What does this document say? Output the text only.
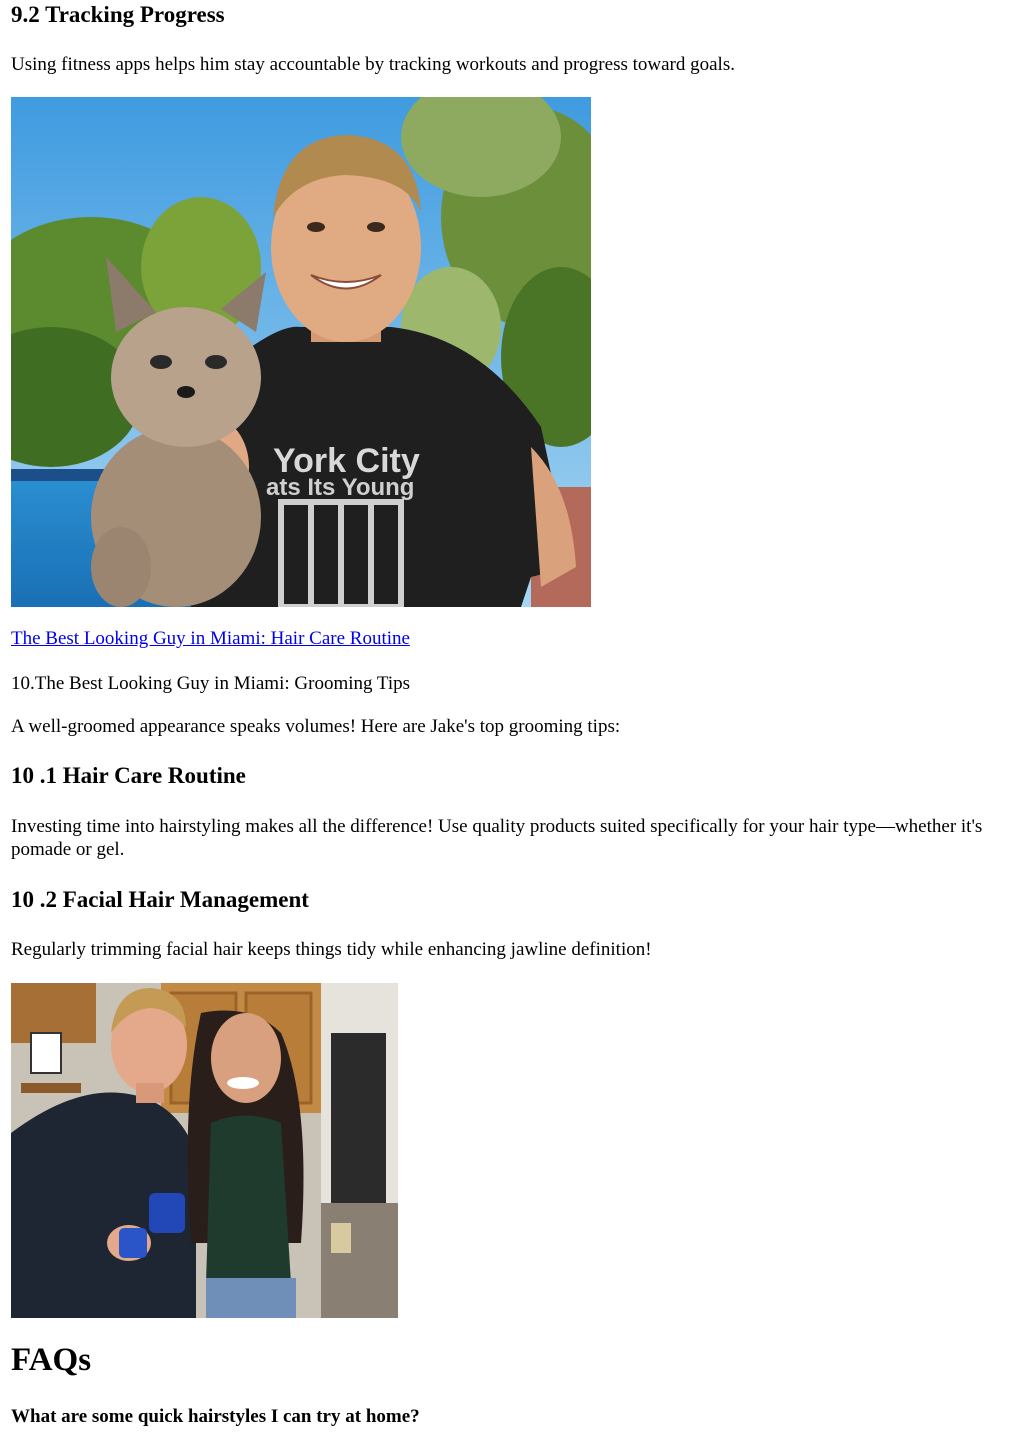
9.2 Tracking Progress

Using fitness apps helps him stay accountable by tracking workouts and progress toward goals.

York City
ats Its Young
The Best Looking Guy in Miami: Hair Care Routine

10.The Best Looking Guy in Miami: Grooming Tips

A well-groomed appearance speaks volumes! Here are Jake's top grooming tips:

10 .1 Hair Care Routine

Investing time into hairstyling makes all the difference! Use quality products suited specifically for your hair type—whether it's pomade or gel.

10 .2 Facial Hair Management

Regularly trimming facial hair keeps things tidy while enhancing jawline definition!

FAQs
What are some quick hairstyles I can try at home?
